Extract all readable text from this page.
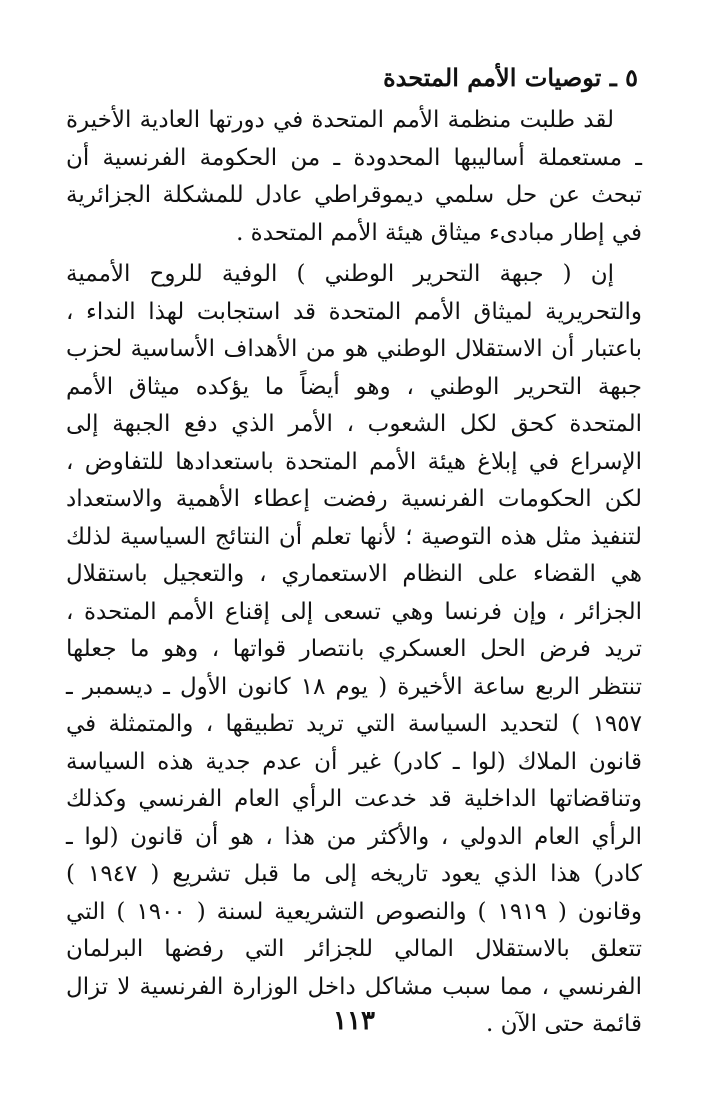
٥ ـ توصيات الأمم المتحدة

لقد طلبت منظمة الأمم المتحدة في دورتها العادية الأخيرة ـ مستعملة أساليبها المحدودة ـ من الحكومة الفرنسية أن تبحث عن حل سلمي ديموقراطي عادل للمشكلة الجزائرية في إطار مبادىء ميثاق هيئة الأمم المتحدة .

إن ( جبهة التحرير الوطني ) الوفية للروح الأممية والتحريرية لميثاق الأمم المتحدة قد استجابت لهذا النداء ، باعتبار أن الاستقلال الوطني هو من الأهداف الأساسية لحزب جبهة التحرير الوطني ، وهو أيضاً ما يؤكده ميثاق الأمم المتحدة كحق لكل الشعوب ، الأمر الذي دفع الجبهة إلى الإسراع في إبلاغ هيئة الأمم المتحدة باستعدادها للتفاوض ، لكن الحكومات الفرنسية رفضت إعطاء الأهمية والاستعداد لتنفيذ مثل هذه التوصية ؛ لأنها تعلم أن النتائج السياسية لذلك هي القضاء على النظام الاستعماري ، والتعجيل باستقلال الجزائر ، وإن فرنسا وهي تسعى إلى إقناع الأمم المتحدة ، تريد فرض الحل العسكري بانتصار قواتها ، وهو ما جعلها تنتظر الربع ساعة الأخيرة ( يوم ١٨ كانون الأول ـ ديسمبر ـ ١٩٥٧ ) لتحديد السياسة التي تريد تطبيقها ، والمتمثلة في قانون الملاك (لوا ـ كادر) غير أن عدم جدية هذه السياسة وتناقضاتها الداخلية قد خدعت الرأي العام الفرنسي وكذلك الرأي العام الدولي ، والأكثر من هذا ، هو أن قانون (لوا ـ كادر) هذا الذي يعود تاريخه إلى ما قبل تشريع ( ١٩٤٧ ) وقانون ( ١٩١٩ ) والنصوص التشريعية لسنة ( ١٩٠٠ ) التي تتعلق بالاستقلال المالي للجزائر التي رفضها البرلمان الفرنسي ، مما سبب مشاكل داخل الوزارة الفرنسية لا تزال قائمة حتى الآن .

١١٣
